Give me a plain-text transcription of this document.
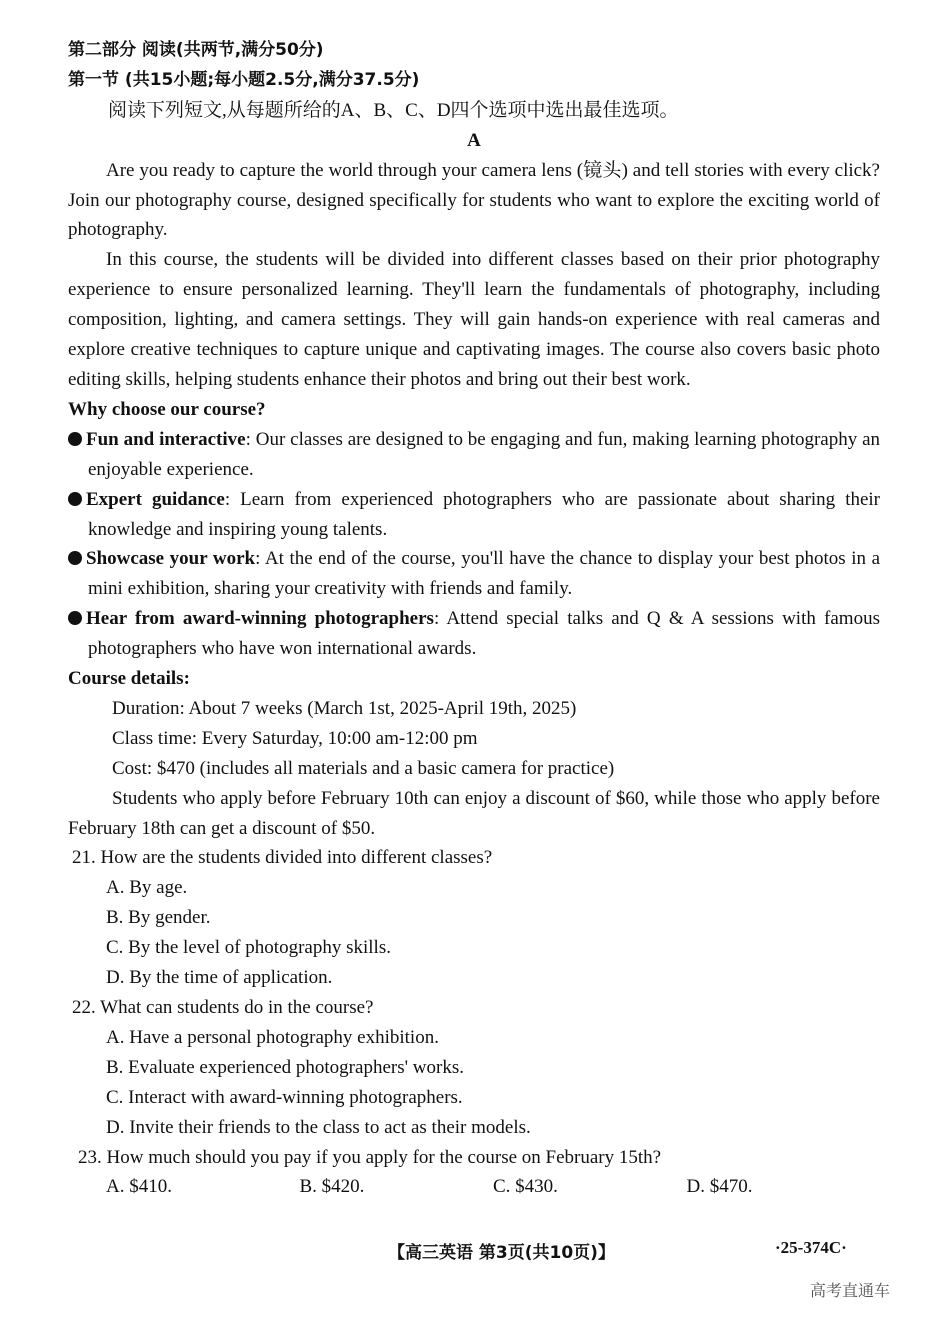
第二部分 阅读(共两节,满分50分)
第一节 (共15小题;每小题2.5分,满分37.5分)
阅读下列短文,从每题所给的A、B、C、D四个选项中选出最佳选项。
A

Are you ready to capture the world through your camera lens (镜头) and tell stories with every click? Join our photography course, designed specifically for students who want to explore the exciting world of photography.

In this course, the students will be divided into different classes based on their prior photography experience to ensure personalized learning. They'll learn the fundamentals of photography, including composition, lighting, and camera settings. They will gain hands-on experience with real cameras and explore creative techniques to capture unique and captivating images. The course also covers basic photo editing skills, helping students enhance their photos and bring out their best work.

Why choose our course?
Fun and interactive: Our classes are designed to be engaging and fun, making learning photography an enjoyable experience.
Expert guidance: Learn from experienced photographers who are passionate about sharing their knowledge and inspiring young talents.
Showcase your work: At the end of the course, you'll have the chance to display your best photos in a mini exhibition, sharing your creativity with friends and family.
Hear from award-winning photographers: Attend special talks and Q & A sessions with famous photographers who have won international awards.
Course details:
Duration: About 7 weeks (March 1st, 2025-April 19th, 2025)
Class time: Every Saturday, 10:00 am-12:00 pm
Cost: $470 (includes all materials and a basic camera for practice)

Students who apply before February 10th can enjoy a discount of $60, while those who apply before February 18th can get a discount of $50.

21. How are the students divided into different classes?
A. By age.
B. By gender.
C. By the level of photography skills.
D. By the time of application.
22. What can students do in the course?
A. Have a personal photography exhibition.
B. Evaluate experienced photographers' works.
C. Interact with award-winning photographers.
D. Invite their friends to the class to act as their models.
23. How much should you pay if you apply for the course on February 15th?
A. $410.	B. $420.	C. $430.	D. $470.
【高三英语 第3页(共10页)】	·25-374C·
高考直通车
